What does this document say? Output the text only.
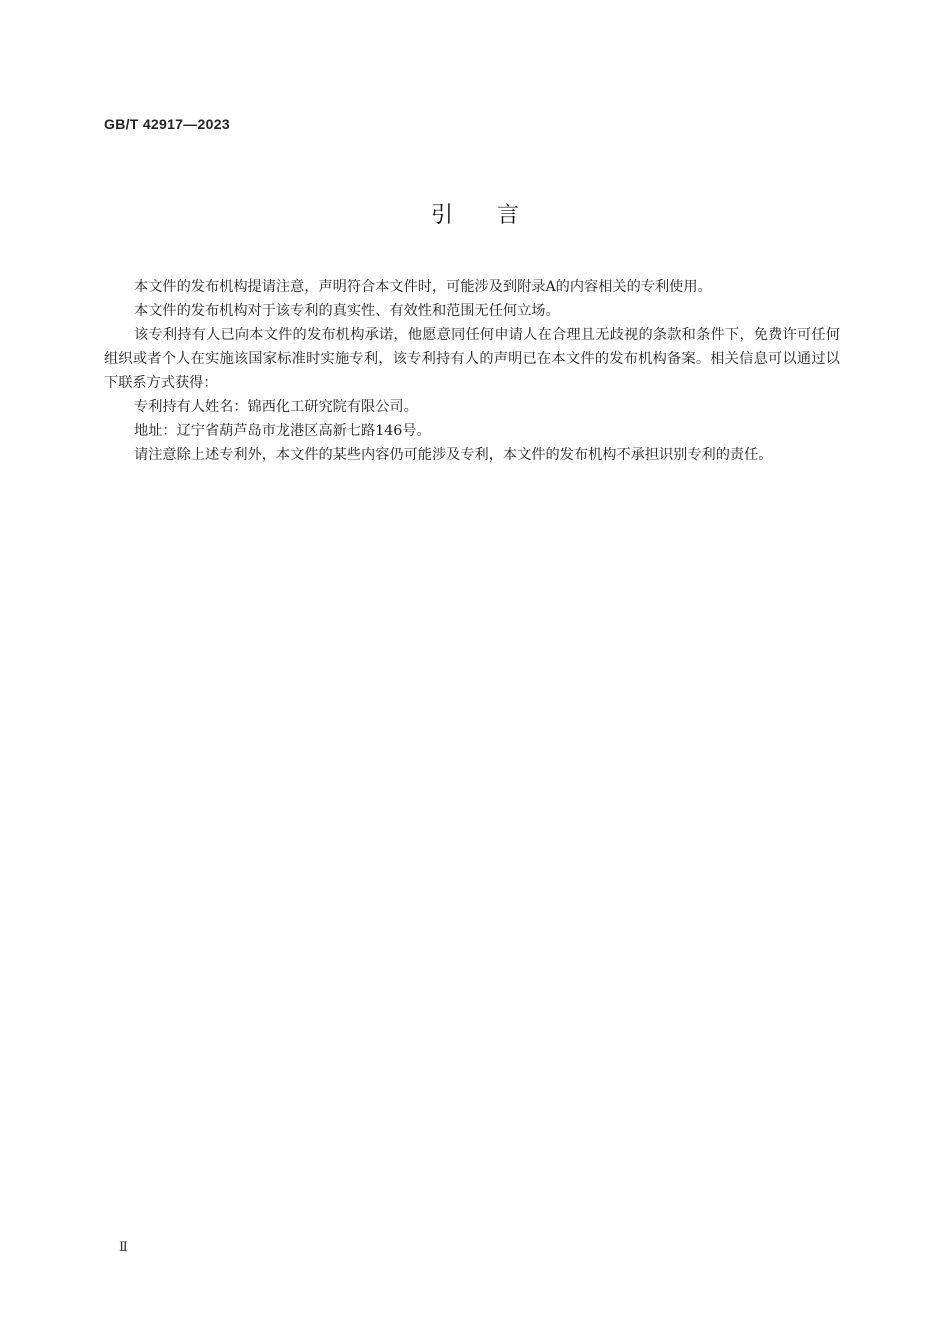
GB/T 42917—2023
引言

本文件的发布机构提请注意，声明符合本文件时，可能涉及到附录A的内容相关的专利使用。

本文件的发布机构对于该专利的真实性、有效性和范围无任何立场。

该专利持有人已向本文件的发布机构承诺，他愿意同任何申请人在合理且无歧视的条款和条件下，免费许可任何组织或者个人在实施该国家标准时实施专利，该专利持有人的声明已在本文件的发布机构备案。相关信息可以通过以下联系方式获得：

专利持有人姓名：锦西化工研究院有限公司。

地址：辽宁省葫芦岛市龙港区高新七路146号。

请注意除上述专利外，本文件的某些内容仍可能涉及专利，本文件的发布机构不承担识别专利的责任。

Ⅱ
